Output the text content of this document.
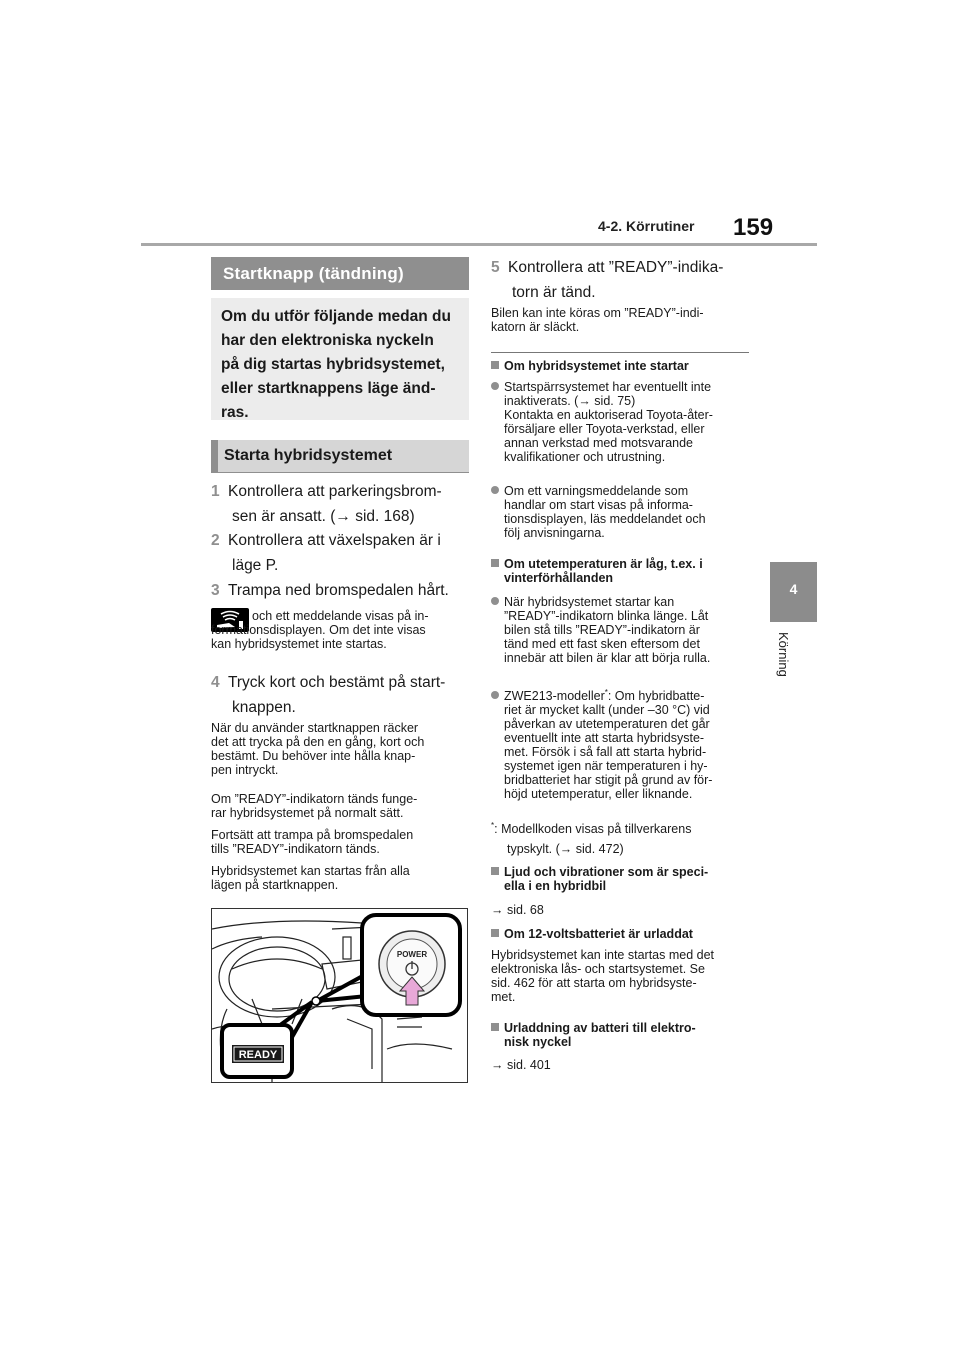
4-2. Körrutiner 159
4
Körning
Startknapp (tändning)
Om du utför följande medan du
har den elektroniska nyckeln
på dig startas hybridsystemet,
eller startknappens läge änd-
ras.
Starta hybridsystemet
1 Kontrollera att parkeringsbrom-
sen är ansatt. (→ sid. 168)
2 Kontrollera att växelspaken är i
läge P.
3 Trampa ned bromspedalen hårt.
och ett meddelande visas på in-
formationsdisplayen. Om det inte visas
kan hybridsystemet inte startas.
4 Tryck kort och bestämt på start-
knappen.
När du använder startknappen räcker
det att trycka på den en gång, kort och
bestämt. Du behöver inte hålla knap-
pen intryckt.
Om ”READY”-indikatorn tänds funge-
rar hybridsystemet på normalt sätt.
Fortsätt att trampa på bromspedalen
tills ”READY”-indikatorn tänds.
Hybridsystemet kan startas från alla
lägen på startknappen.
POWER
READY
5 Kontrollera att ”READY”-indika-
torn är tänd.
Bilen kan inte köras om ”READY”-indi-
katorn är släckt.
Om hybridsystemet inte startar
Startspärrsystemet har eventuellt inte
inaktiverats. (→ sid. 75)
Kontakta en auktoriserad Toyota-åter-
försäljare eller Toyota-verkstad, eller
annan verkstad med motsvarande
kvalifikationer och utrustning.
Om ett varningsmeddelande som
handlar om start visas på informa-
tionsdisplayen, läs meddelandet och
följ anvisningarna.
Om utetemperaturen är låg, t.ex. i
vinterförhållanden
När hybridsystemet startar kan
”READY”-indikatorn blinka länge. Låt
bilen stå tills ”READY”-indikatorn är
tänd med ett fast sken eftersom det
innebär att bilen är klar att börja rulla.
ZWE213-modeller*: Om hybridbatte-
riet är mycket kallt (under –30 °C) vid
påverkan av utetemperaturen det går
eventuellt inte att starta hybridsyste-
met. Försök i så fall att starta hybrid-
systemet igen när temperaturen i hy-
bridbatteriet har stigit på grund av för-
höjd utetemperatur, eller liknande.
*: Modellkoden visas på tillverkarens
typskylt. (→ sid. 472)
Ljud och vibrationer som är speci-
ella i en hybridbil
→ sid. 68
Om 12-voltsbatteriet är urladdat
Hybridsystemet kan inte startas med det
elektroniska lås- och startsystemet. Se
sid. 462 för att starta om hybridsyste-
met.
Urladdning av batteri till elektro-
nisk nyckel
→ sid. 401
